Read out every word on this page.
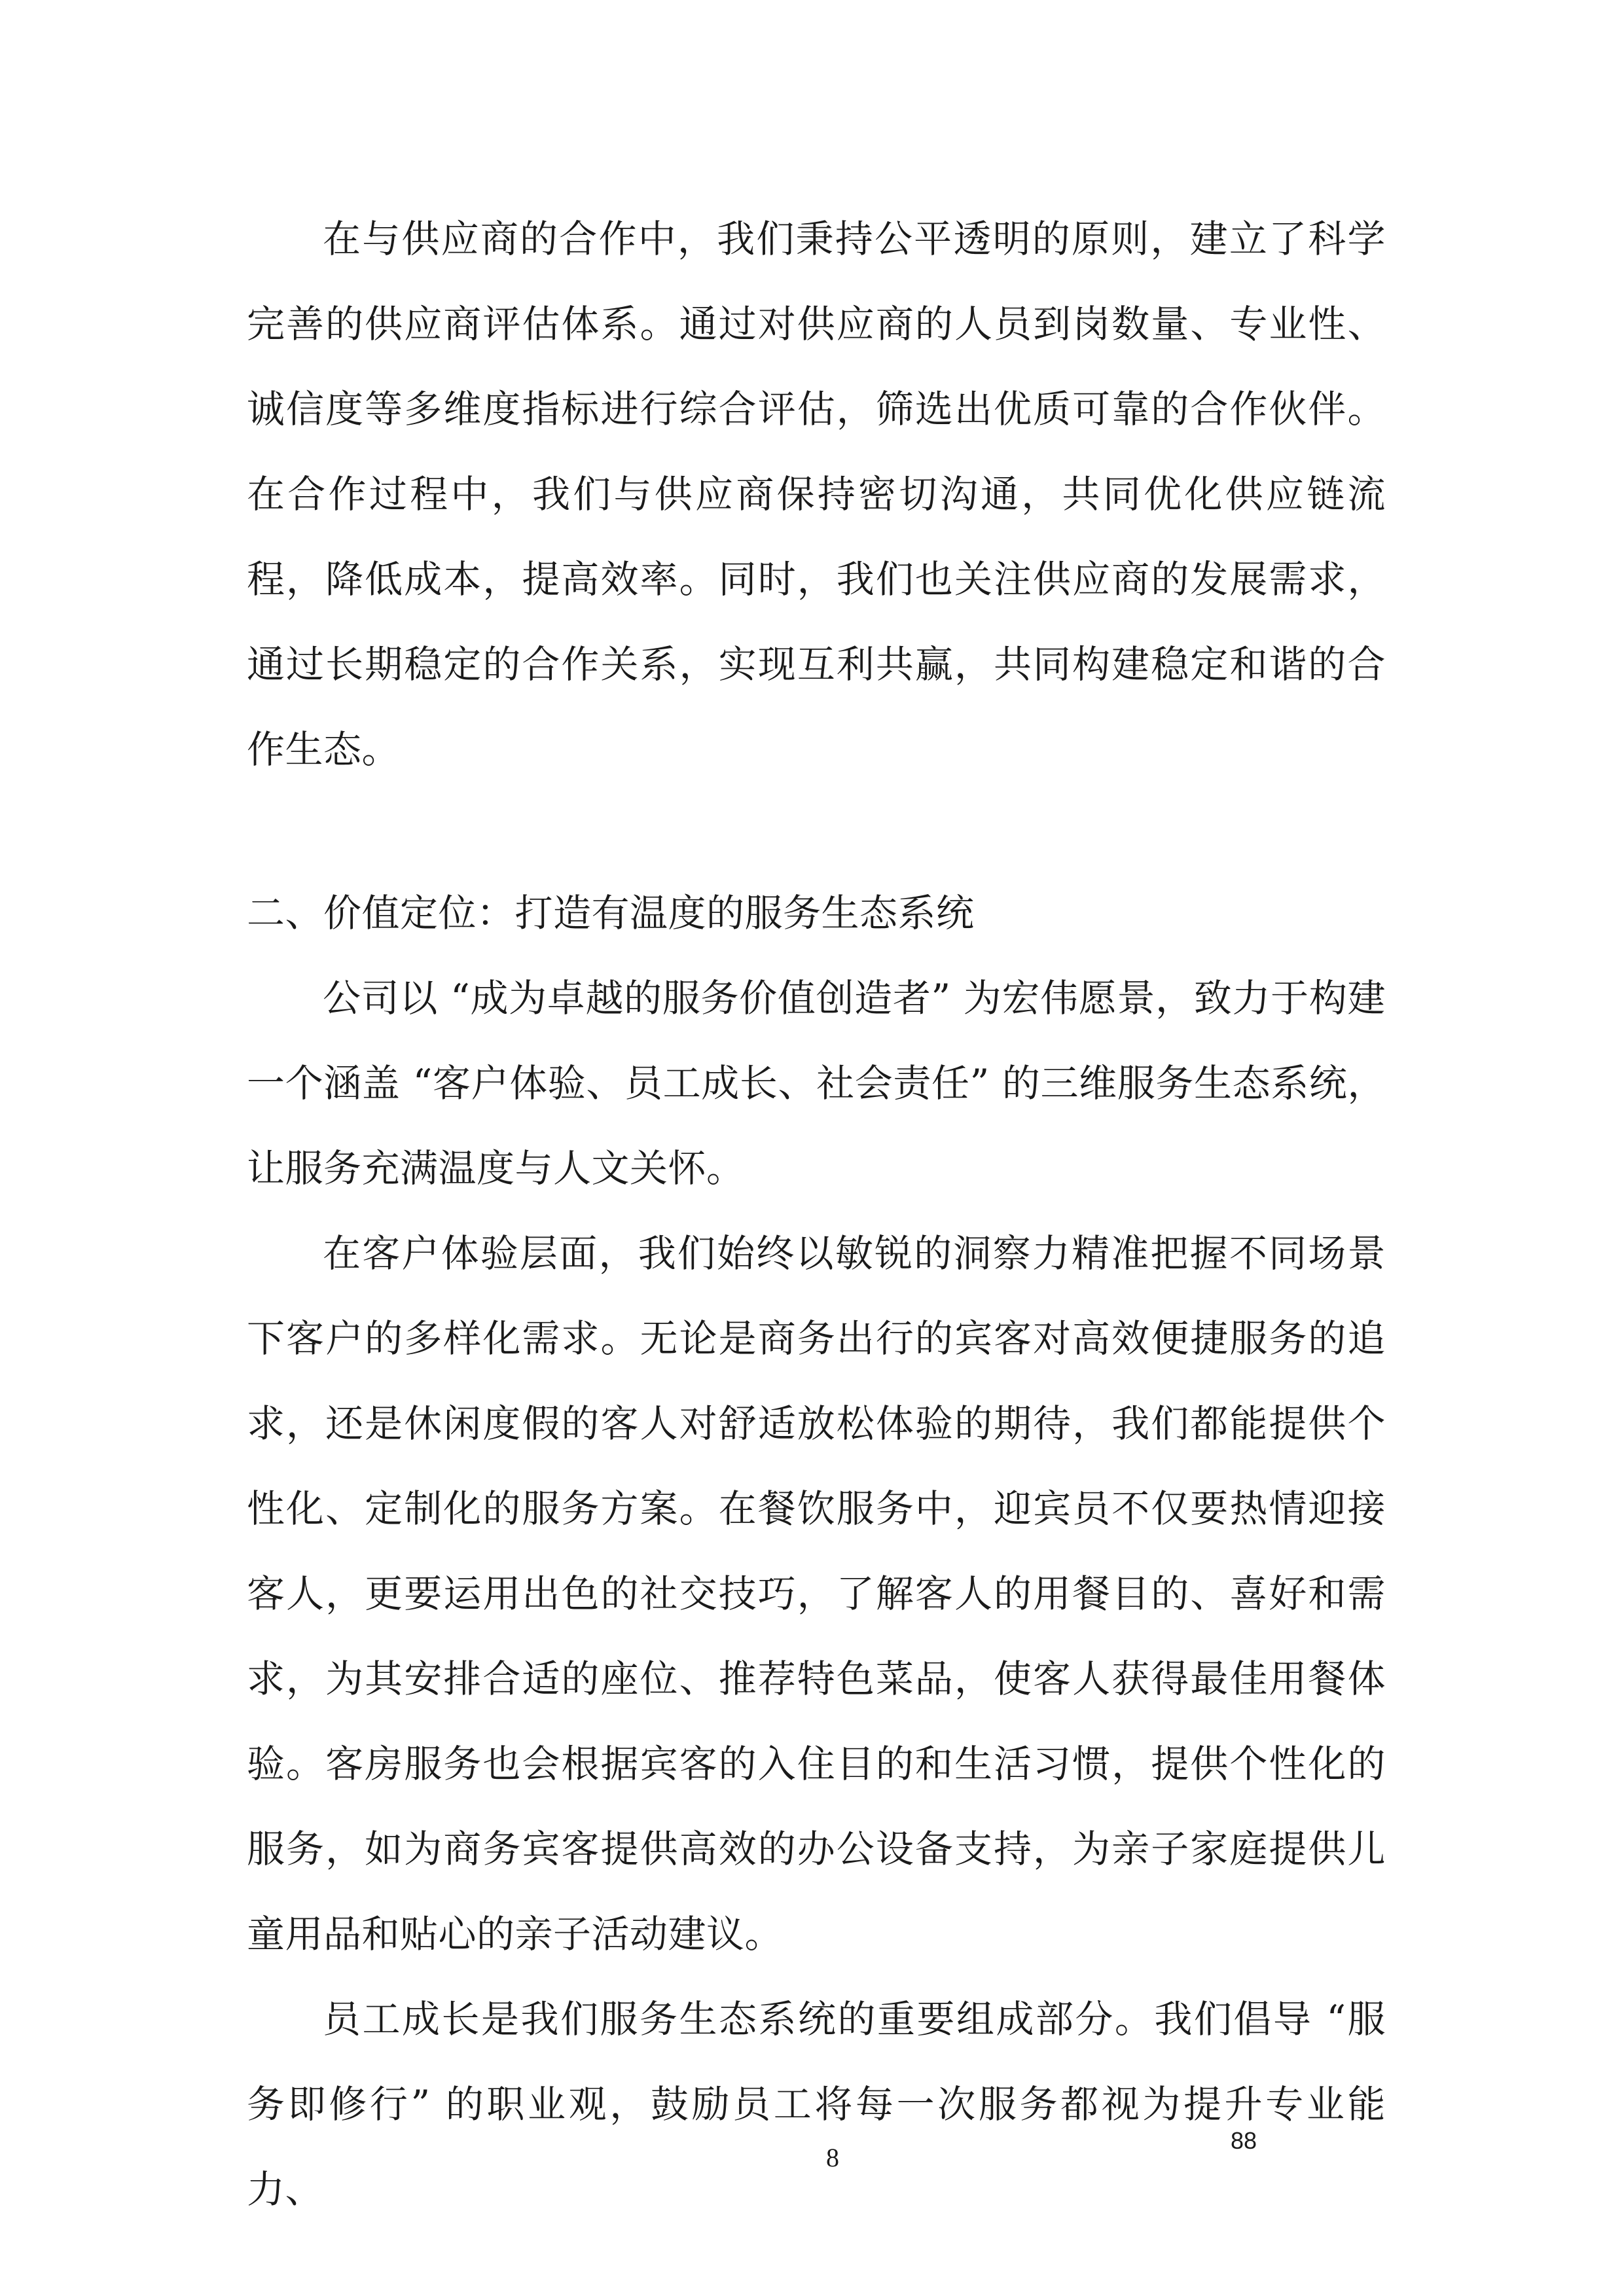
在与供应商的合作中，我们秉持公平透明的原则，建立了科学完善的供应商评估体系。通过对供应商的人员到岗数量、专业性、诚信度等多维度指标进行综合评估，筛选出优质可靠的合作伙伴。在合作过程中，我们与供应商保持密切沟通，共同优化供应链流程，降低成本，提高效率。同时，我们也关注供应商的发展需求，通过长期稳定的合作关系，实现互利共赢，共同构建稳定和谐的合作生态。

二、价值定位：打造有温度的服务生态系统

公司以 “成为卓越的服务价值创造者” 为宏伟愿景，致力于构建一个涵盖 “客户体验、员工成长、社会责任” 的三维服务生态系统，让服务充满温度与人文关怀。

在客户体验层面，我们始终以敏锐的洞察力精准把握不同场景下客户的多样化需求。无论是商务出行的宾客对高效便捷服务的追求，还是休闲度假的客人对舒适放松体验的期待，我们都能提供个性化、定制化的服务方案。在餐饮服务中，迎宾员不仅要热情迎接客人，更要运用出色的社交技巧，了解客人的用餐目的、喜好和需求，为其安排合适的座位、推荐特色菜品，使客人获得最佳用餐体验。客房服务也会根据宾客的入住目的和生活习惯，提供个性化的服务，如为商务宾客提供高效的办公设备支持，为亲子家庭提供儿童用品和贴心的亲子活动建议。

员工成长是我们服务生态系统的重要组成部分。我们倡导 “服务即修行” 的职业观，鼓励员工将每一次服务都视为提升专业能力、

8
88
